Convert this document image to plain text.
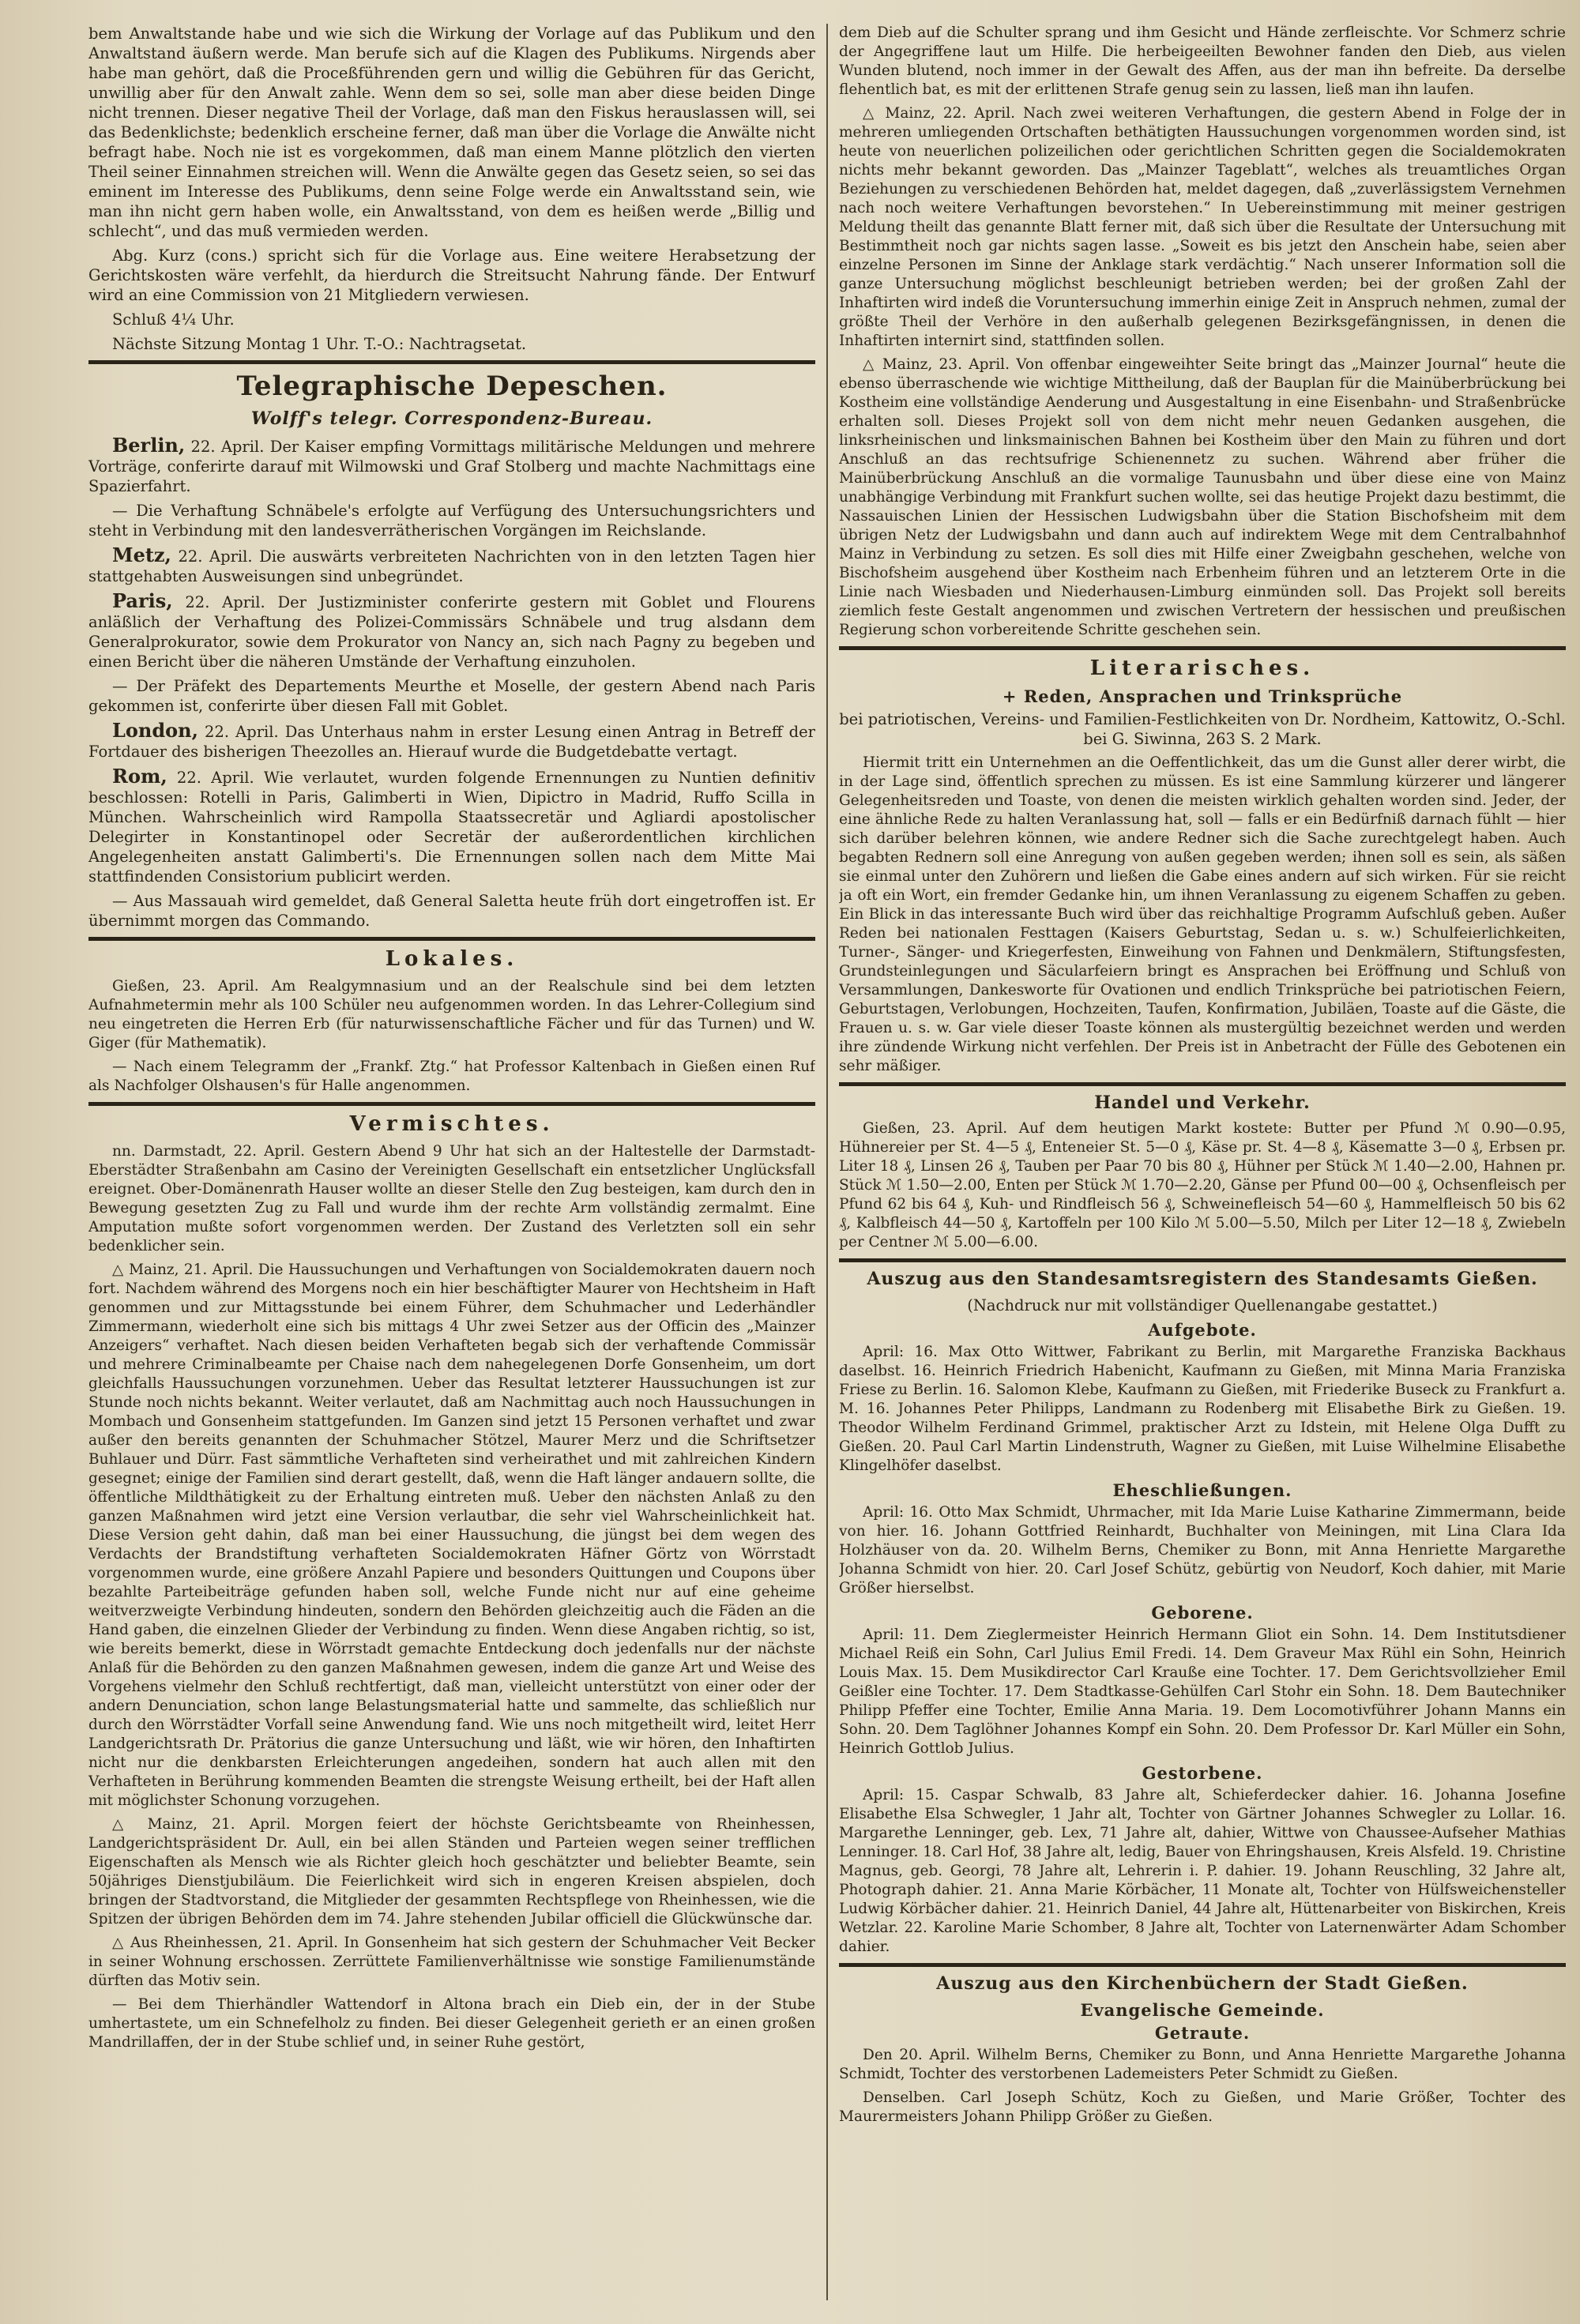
bem Anwaltstande habe und wie sich die Wirkung der Vorlage auf das Publikum und den Anwaltstand äußern werde. Man berufe sich auf die Klagen des Publikums. Nirgends aber habe man gehört, daß die Proceßführenden gern und willig die Gebühren für das Gericht, unwillig aber für den Anwalt zahle. Wenn dem so sei, solle man aber diese beiden Dinge nicht trennen. Dieser negative Theil der Vorlage, daß man den Fiskus herauslassen will, sei das Bedenklichste; bedenklich erscheine ferner, daß man über die Vorlage die Anwälte nicht befragt habe. Noch nie ist es vorgekommen, daß man einem Manne plötzlich den vierten Theil seiner Einnahmen streichen will. Wenn die Anwälte gegen das Gesetz seien, so sei das eminent im Interesse des Publikums, denn seine Folge werde ein Anwaltsstand sein, wie man ihn nicht gern haben wolle, ein Anwaltsstand, von dem es heißen werde „Billig und schlecht“, und das muß vermieden werden.

Abg. Kurz (cons.) spricht sich für die Vorlage aus. Eine weitere Herabsetzung der Gerichtskosten wäre verfehlt, da hierdurch die Streitsucht Nahrung fände. Der Entwurf wird an eine Commission von 21 Mitgliedern verwiesen.

Schluß 4¼ Uhr.

Nächste Sitzung Montag 1 Uhr. T.-O.: Nachtragsetat.

Telegraphische Depeschen.
Wolff's telegr. Correspondenz-Bureau.

Berlin, 22. April. Der Kaiser empfing Vormittags militärische Meldungen und mehrere Vorträge, conferirte darauf mit Wilmowski und Graf Stolberg und machte Nachmittags eine Spazierfahrt.

— Die Verhaftung Schnäbele's erfolgte auf Verfügung des Untersuchungsrichters und steht in Verbindung mit den landesverrätherischen Vorgängen im Reichslande.

Metz, 22. April. Die auswärts verbreiteten Nachrichten von in den letzten Tagen hier stattgehabten Ausweisungen sind unbegründet.

Paris, 22. April. Der Justizminister conferirte gestern mit Goblet und Flourens anläßlich der Verhaftung des Polizei-Commissärs Schnäbele und trug alsdann dem Generalprokurator, sowie dem Prokurator von Nancy an, sich nach Pagny zu begeben und einen Bericht über die näheren Umstände der Verhaftung einzuholen.

— Der Präfekt des Departements Meurthe et Moselle, der gestern Abend nach Paris gekommen ist, conferirte über diesen Fall mit Goblet.

London, 22. April. Das Unterhaus nahm in erster Lesung einen Antrag in Betreff der Fortdauer des bisherigen Theezolles an. Hierauf wurde die Budgetdebatte vertagt.

Rom, 22. April. Wie verlautet, wurden folgende Ernennungen zu Nuntien definitiv beschlossen: Rotelli in Paris, Galimberti in Wien, Dipictro in Madrid, Ruffo Scilla in München. Wahrscheinlich wird Rampolla Staatssecretär und Agliardi apostolischer Delegirter in Konstantinopel oder Secretär der außerordentlichen kirchlichen Angelegenheiten anstatt Galimberti's. Die Ernennungen sollen nach dem Mitte Mai stattfindenden Consistorium publicirt werden.

— Aus Massauah wird gemeldet, daß General Saletta heute früh dort eingetroffen ist. Er übernimmt morgen das Commando.

Lokales.

Gießen, 23. April. Am Realgymnasium und an der Realschule sind bei dem letzten Aufnahmetermin mehr als 100 Schüler neu aufgenommen worden. In das Lehrer-Collegium sind neu eingetreten die Herren Erb (für naturwissenschaftliche Fächer und für das Turnen) und W. Giger (für Mathematik).

— Nach einem Telegramm der „Frankf. Ztg.“ hat Professor Kaltenbach in Gießen einen Ruf als Nachfolger Olshausen's für Halle angenommen.

Vermischtes.

nn. Darmstadt, 22. April. Gestern Abend 9 Uhr hat sich an der Haltestelle der Darmstadt-Eberstädter Straßenbahn am Casino der Vereinigten Gesellschaft ein entsetzlicher Unglücksfall ereignet. Ober-Domänenrath Hauser wollte an dieser Stelle den Zug besteigen, kam durch den in Bewegung gesetzten Zug zu Fall und wurde ihm der rechte Arm vollständig zermalmt. Eine Amputation mußte sofort vorgenommen werden. Der Zustand des Verletzten soll ein sehr bedenklicher sein.

△ Mainz, 21. April. Die Haussuchungen und Verhaftungen von Socialdemokraten dauern noch fort. Nachdem während des Morgens noch ein hier beschäftigter Maurer von Hechtsheim in Haft genommen und zur Mittagsstunde bei einem Führer, dem Schuhmacher und Lederhändler Zimmermann, wiederholt eine sich bis mittags 4 Uhr zwei Setzer aus der Officin des „Mainzer Anzeigers“ verhaftet. Nach diesen beiden Verhafteten begab sich der verhaftende Commissär und mehrere Criminalbeamte per Chaise nach dem nahegelegenen Dorfe Gonsenheim, um dort gleichfalls Haussuchungen vorzunehmen. Ueber das Resultat letzterer Haussuchungen ist zur Stunde noch nichts bekannt. Weiter verlautet, daß am Nachmittag auch noch Haussuchungen in Mombach und Gonsenheim stattgefunden. Im Ganzen sind jetzt 15 Personen verhaftet und zwar außer den bereits genannten der Schuhmacher Stötzel, Maurer Merz und die Schriftsetzer Buhlauer und Dürr. Fast sämmtliche Verhafteten sind verheirathet und mit zahlreichen Kindern gesegnet; einige der Familien sind derart gestellt, daß, wenn die Haft länger andauern sollte, die öffentliche Mildthätigkeit zu der Erhaltung eintreten muß. Ueber den nächsten Anlaß zu den ganzen Maßnahmen wird jetzt eine Version verlautbar, die sehr viel Wahrscheinlichkeit hat. Diese Version geht dahin, daß man bei einer Haussuchung, die jüngst bei dem wegen des Verdachts der Brandstiftung verhafteten Socialdemokraten Häfner Görtz von Wörrstadt vorgenommen wurde, eine größere Anzahl Papiere und besonders Quittungen und Coupons über bezahlte Parteibeiträge gefunden haben soll, welche Funde nicht nur auf eine geheime weitverzweigte Verbindung hindeuten, sondern den Behörden gleichzeitig auch die Fäden an die Hand gaben, die einzelnen Glieder der Verbindung zu finden. Wenn diese Angaben richtig, so ist, wie bereits bemerkt, diese in Wörrstadt gemachte Entdeckung doch jedenfalls nur der nächste Anlaß für die Behörden zu den ganzen Maßnahmen gewesen, indem die ganze Art und Weise des Vorgehens vielmehr den Schluß rechtfertigt, daß man, vielleicht unterstützt von einer oder der andern Denunciation, schon lange Belastungsmaterial hatte und sammelte, das schließlich nur durch den Wörrstädter Vorfall seine Anwendung fand. Wie uns noch mitgetheilt wird, leitet Herr Landgerichtsrath Dr. Prätorius die ganze Untersuchung und läßt, wie wir hören, den Inhaftirten nicht nur die denkbarsten Erleichterungen angedeihen, sondern hat auch allen mit den Verhafteten in Berührung kommenden Beamten die strengste Weisung ertheilt, bei der Haft allen mit möglichster Schonung vorzugehen.

△ Mainz, 21. April. Morgen feiert der höchste Gerichtsbeamte von Rheinhessen, Landgerichtspräsident Dr. Aull, ein bei allen Ständen und Parteien wegen seiner trefflichen Eigenschaften als Mensch wie als Richter gleich hoch geschätzter und beliebter Beamte, sein 50jähriges Dienstjubiläum. Die Feierlichkeit wird sich in engeren Kreisen abspielen, doch bringen der Stadtvorstand, die Mitglieder der gesammten Rechtspflege von Rheinhessen, wie die Spitzen der übrigen Behörden dem im 74. Jahre stehenden Jubilar officiell die Glückwünsche dar.

△ Aus Rheinhessen, 21. April. In Gonsenheim hat sich gestern der Schuhmacher Veit Becker in seiner Wohnung erschossen. Zerrüttete Familienverhältnisse wie sonstige Familienumstände dürften das Motiv sein.

— Bei dem Thierhändler Wattendorf in Altona brach ein Dieb ein, der in der Stube umhertastete, um ein Schnefelholz zu finden. Bei dieser Gelegenheit gerieth er an einen großen Mandrillaffen, der in der Stube schlief und, in seiner Ruhe gestört,

dem Dieb auf die Schulter sprang und ihm Gesicht und Hände zerfleischte. Vor Schmerz schrie der Angegriffene laut um Hilfe. Die herbeigeeilten Bewohner fanden den Dieb, aus vielen Wunden blutend, noch immer in der Gewalt des Affen, aus der man ihn befreite. Da derselbe flehentlich bat, es mit der erlittenen Strafe genug sein zu lassen, ließ man ihn laufen.

△ Mainz, 22. April. Nach zwei weiteren Verhaftungen, die gestern Abend in Folge der in mehreren umliegenden Ortschaften bethätigten Haussuchungen vorgenommen worden sind, ist heute von neuerlichen polizeilichen oder gerichtlichen Schritten gegen die Socialdemokraten nichts mehr bekannt geworden. Das „Mainzer Tageblatt“, welches als treuamtliches Organ Beziehungen zu verschiedenen Behörden hat, meldet dagegen, daß „zuverlässigstem Vernehmen nach noch weitere Verhaftungen bevorstehen.“ In Uebereinstimmung mit meiner gestrigen Meldung theilt das genannte Blatt ferner mit, daß sich über die Resultate der Untersuchung mit Bestimmtheit noch gar nichts sagen lasse. „Soweit es bis jetzt den Anschein habe, seien aber einzelne Personen im Sinne der Anklage stark verdächtig.“ Nach unserer Information soll die ganze Untersuchung möglichst beschleunigt betrieben werden; bei der großen Zahl der Inhaftirten wird indeß die Voruntersuchung immerhin einige Zeit in Anspruch nehmen, zumal der größte Theil der Verhöre in den außerhalb gelegenen Bezirksgefängnissen, in denen die Inhaftirten internirt sind, stattfinden sollen.

△ Mainz, 23. April. Von offenbar eingeweihter Seite bringt das „Mainzer Journal“ heute die ebenso überraschende wie wichtige Mittheilung, daß der Bauplan für die Mainüberbrückung bei Kostheim eine vollständige Aenderung und Ausgestaltung in eine Eisenbahn- und Straßenbrücke erhalten soll. Dieses Projekt soll von dem nicht mehr neuen Gedanken ausgehen, die linksrheinischen und linksmainischen Bahnen bei Kostheim über den Main zu führen und dort Anschluß an das rechtsufrige Schienennetz zu suchen. Während aber früher die Mainüberbrückung Anschluß an die vormalige Taunusbahn und über diese eine von Mainz unabhängige Verbindung mit Frankfurt suchen wollte, sei das heutige Projekt dazu bestimmt, die Nassauischen Linien der Hessischen Ludwigsbahn über die Station Bischofsheim mit dem übrigen Netz der Ludwigsbahn und dann auch auf indirektem Wege mit dem Centralbahnhof Mainz in Verbindung zu setzen. Es soll dies mit Hilfe einer Zweigbahn geschehen, welche von Bischofsheim ausgehend über Kostheim nach Erbenheim führen und an letzterem Orte in die Linie nach Wiesbaden und Niederhausen-Limburg einmünden soll. Das Projekt soll bereits ziemlich feste Gestalt angenommen und zwischen Vertretern der hessischen und preußischen Regierung schon vorbereitende Schritte geschehen sein.

Literarisches.
+ Reden, Ansprachen und Trinksprüche

bei patriotischen, Vereins- und Familien-Festlichkeiten von Dr. Nordheim, Kattowitz, O.-Schl. bei G. Siwinna, 263 S. 2 Mark.

Hiermit tritt ein Unternehmen an die Oeffentlichkeit, das um die Gunst aller derer wirbt, die in der Lage sind, öffentlich sprechen zu müssen. Es ist eine Sammlung kürzerer und längerer Gelegenheitsreden und Toaste, von denen die meisten wirklich gehalten worden sind. Jeder, der eine ähnliche Rede zu halten Veranlassung hat, soll — falls er ein Bedürfniß darnach fühlt — hier sich darüber belehren können, wie andere Redner sich die Sache zurechtgelegt haben. Auch begabten Rednern soll eine Anregung von außen gegeben werden; ihnen soll es sein, als säßen sie einmal unter den Zuhörern und ließen die Gabe eines andern auf sich wirken. Für sie reicht ja oft ein Wort, ein fremder Gedanke hin, um ihnen Veranlassung zu eigenem Schaffen zu geben. Ein Blick in das interessante Buch wird über das reichhaltige Programm Aufschluß geben. Außer Reden bei nationalen Festtagen (Kaisers Geburtstag, Sedan u. s. w.) Schulfeierlichkeiten, Turner-, Sänger- und Kriegerfesten, Einweihung von Fahnen und Denkmälern, Stiftungsfesten, Grundsteinlegungen und Säcularfeiern bringt es Ansprachen bei Eröffnung und Schluß von Versammlungen, Dankesworte für Ovationen und endlich Trinksprüche bei patriotischen Feiern, Geburtstagen, Verlobungen, Hochzeiten, Taufen, Konfirmation, Jubiläen, Toaste auf die Gäste, die Frauen u. s. w. Gar viele dieser Toaste können als mustergültig bezeichnet werden und werden ihre zündende Wirkung nicht verfehlen. Der Preis ist in Anbetracht der Fülle des Gebotenen ein sehr mäßiger.

Handel und Verkehr.

Gießen, 23. April. Auf dem heutigen Markt kostete: Butter per Pfund ℳ 0.90—0.95, Hühnereier per St. 4—5 ₰, Enteneier St. 5—0 ₰, Käse pr. St. 4—8 ₰, Käsematte 3—0 ₰, Erbsen pr. Liter 18 ₰, Linsen 26 ₰, Tauben per Paar 70 bis 80 ₰, Hühner per Stück ℳ 1.40—2.00, Hahnen pr. Stück ℳ 1.50—2.00, Enten per Stück ℳ 1.70—2.20, Gänse per Pfund 00—00 ₰, Ochsenfleisch per Pfund 62 bis 64 ₰, Kuh- und Rindfleisch 56 ₰, Schweinefleisch 54—60 ₰, Hammelfleisch 50 bis 62 ₰, Kalbfleisch 44—50 ₰, Kartoffeln per 100 Kilo ℳ 5.00—5.50, Milch per Liter 12—18 ₰, Zwiebeln per Centner ℳ 5.00—6.00.

Auszug aus den Standesamtsregistern des Standesamts Gießen.

(Nachdruck nur mit vollständiger Quellenangabe gestattet.)

Aufgebote.

April: 16. Max Otto Wittwer, Fabrikant zu Berlin, mit Margarethe Franziska Backhaus daselbst. 16. Heinrich Friedrich Habenicht, Kaufmann zu Gießen, mit Minna Maria Franziska Friese zu Berlin. 16. Salomon Klebe, Kaufmann zu Gießen, mit Friederike Buseck zu Frankfurt a. M. 16. Johannes Peter Philipps, Landmann zu Rodenberg mit Elisabethe Birk zu Gießen. 19. Theodor Wilhelm Ferdinand Grimmel, praktischer Arzt zu Idstein, mit Helene Olga Dufft zu Gießen. 20. Paul Carl Martin Lindenstruth, Wagner zu Gießen, mit Luise Wilhelmine Elisabethe Klingelhöfer daselbst.

Eheschließungen.

April: 16. Otto Max Schmidt, Uhrmacher, mit Ida Marie Luise Katharine Zimmermann, beide von hier. 16. Johann Gottfried Reinhardt, Buchhalter von Meiningen, mit Lina Clara Ida Holzhäuser von da. 20. Wilhelm Berns, Chemiker zu Bonn, mit Anna Henriette Margarethe Johanna Schmidt von hier. 20. Carl Josef Schütz, gebürtig von Neudorf, Koch dahier, mit Marie Größer hierselbst.

Geborene.

April: 11. Dem Zieglermeister Heinrich Hermann Gliot ein Sohn. 14. Dem Institutsdiener Michael Reiß ein Sohn, Carl Julius Emil Fredi. 14. Dem Graveur Max Rühl ein Sohn, Heinrich Louis Max. 15. Dem Musikdirector Carl Krauße eine Tochter. 17. Dem Gerichtsvollzieher Emil Geißler eine Tochter. 17. Dem Stadtkasse-Gehülfen Carl Stohr ein Sohn. 18. Dem Bautechniker Philipp Pfeffer eine Tochter, Emilie Anna Maria. 19. Dem Locomotivführer Johann Manns ein Sohn. 20. Dem Taglöhner Johannes Kompf ein Sohn. 20. Dem Professor Dr. Karl Müller ein Sohn, Heinrich Gottlob Julius.

Gestorbene.

April: 15. Caspar Schwalb, 83 Jahre alt, Schieferdecker dahier. 16. Johanna Josefine Elisabethe Elsa Schwegler, 1 Jahr alt, Tochter von Gärtner Johannes Schwegler zu Lollar. 16. Margarethe Lenninger, geb. Lex, 71 Jahre alt, dahier, Wittwe von Chausseе-Aufseher Mathias Lenninger. 18. Carl Hof, 38 Jahre alt, ledig, Bauer von Ehringshausen, Kreis Alsfeld. 19. Christine Magnus, geb. Georgi, 78 Jahre alt, Lehrerin i. P. dahier. 19. Johann Reuschling, 32 Jahre alt, Photograph dahier. 21. Anna Marie Körbächer, 11 Monate alt, Tochter von Hülfsweichensteller Ludwig Körbächer dahier. 21. Heinrich Daniel, 44 Jahre alt, Hüttenarbeiter von Biskirchen, Kreis Wetzlar. 22. Karoline Marie Schomber, 8 Jahre alt, Tochter von Laternenwärter Adam Schomber dahier.

Auszug aus den Kirchenbüchern der Stadt Gießen.
Evangelische Gemeinde.
Getraute.

Den 20. April. Wilhelm Berns, Chemiker zu Bonn, und Anna Henriette Margarethe Johanna Schmidt, Tochter des verstorbenen Lademeisters Peter Schmidt zu Gießen.

Denselben. Carl Joseph Schütz, Koch zu Gießen, und Marie Größer, Tochter des Maurermeisters Johann Philipp Größer zu Gießen.
